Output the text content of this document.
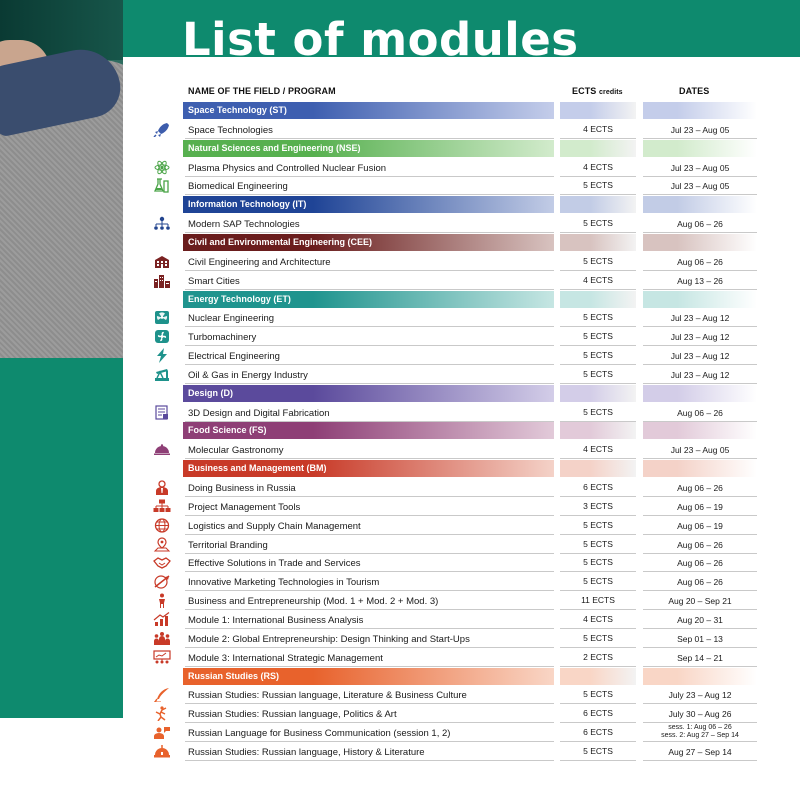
List of modules
NAME OF THE FIELD / PROGRAM	ECTS credits	DATES
Space Technology (ST)
Space Technologies	4 ECTS	Jul 23 – Aug 05
Natural Sciences and Engineering (NSE)
Plasma Physics and Controlled Nuclear Fusion	4 ECTS	Jul 23 – Aug 05
Biomedical Engineering	5 ECTS	Jul 23 – Aug 05
Information Technology (IT)
Modern SAP Technologies	5 ECTS	Aug 06 – 26
Civil and Environmental Engineering (CEE)
Civil Engineering and Architecture	5 ECTS	Aug 06 – 26
Smart Cities	4 ECTS	Aug 13 – 26
Energy Technology (ET)
Nuclear Engineering	5 ECTS	Jul 23 – Aug 12
Turbomachinery	5 ECTS	Jul 23 – Aug 12
Electrical Engineering	5 ECTS	Jul 23 – Aug 12
Oil & Gas in Energy Industry	5 ECTS	Jul 23 – Aug 12
Design (D)
3D Design and Digital Fabrication	5 ECTS	Aug 06 – 26
Food Science (FS)
Molecular Gastronomy	4 ECTS	Jul 23 – Aug 05
Business and Management (BM)
Doing Business in Russia	6 ECTS	Aug 06 – 26
Project Management Tools	3 ECTS	Aug 06 – 19
Logistics and Supply Chain Management	5 ECTS	Aug 06 – 19
Territorial Branding	5 ECTS	Aug 06 – 26
Effective Solutions in Trade and Services	5 ECTS	Aug 06 – 26
Innovative Marketing Technologies in Tourism	5 ECTS	Aug 06 – 26
Business and Entrepreneurship (Mod. 1 + Mod. 2 + Mod. 3)	11 ECTS	Aug 20 – Sep 21
Module 1: International Business Analysis	4 ECTS	Aug 20 – 31
Module 2: Global Entrepreneurship: Design Thinking and Start-Ups	5 ECTS	Sep 01 – 13
Module 3: International Strategic Management	2 ECTS	Sep 14 – 21
Russian Studies (RS)
Russian Studies: Russian language, Literature & Business Culture	5 ECTS	July 23 – Aug 12
Russian Studies: Russian language, Politics & Art	6 ECTS	July 30 – Aug 26
Russian Language for Business Communication (session 1, 2)	6 ECTS	sess. 1: Aug 06 – 26
sess. 2: Aug 27 – Sep 14
Russian Studies: Russian language, History & Literature	5 ECTS	Aug 27 – Sep 14
